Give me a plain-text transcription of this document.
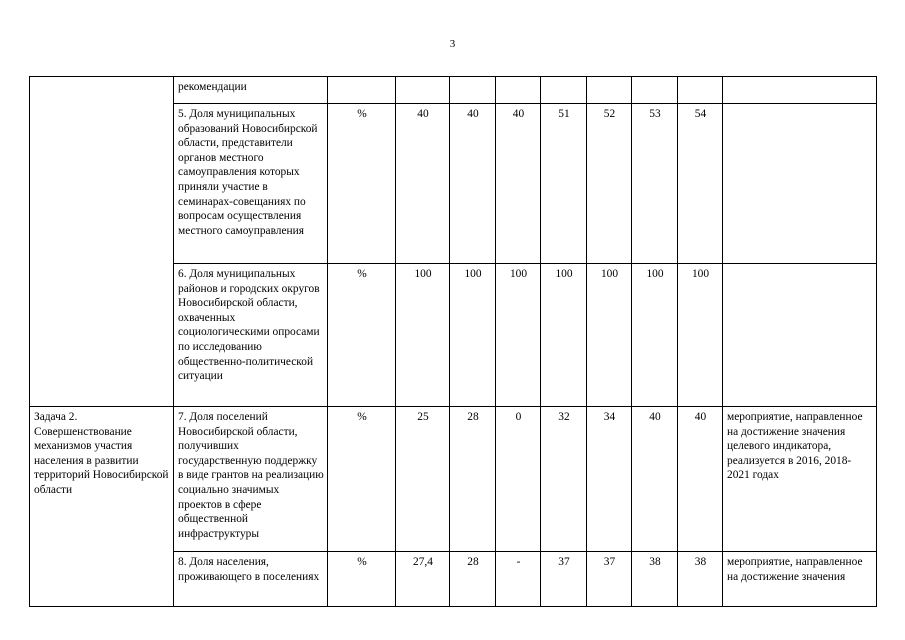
3
	рекомендации									
	5. Доля муниципальных образований Новосибирской области, представители органов местного самоуправления которых приняли участие в семинарах-совещаниях по вопросам осуществления местного самоуправления	%	40	40	40	51	52	53	54	
	6. Доля муниципальных районов и городских округов Новосибирской области, охваченных социологическими опросами по исследованию общественно-политической ситуации	%	100	100	100	100	100	100	100	
Задача 2. Совершенствование механизмов участия населения в развитии территорий Новосибирской области	7. Доля поселений Новосибирской области, получивших государственную поддержку в виде грантов на реализацию социально значимых проектов в сфере общественной инфраструктуры	%	25	28	0	32	34	40	40	мероприятие, направленное на достижение значения целевого индикатора, реализуется в 2016, 2018-2021 годах
	8. Доля населения, проживающего в поселениях	%	27,4	28	-	37	37	38	38	мероприятие, направленное на достижение значения
